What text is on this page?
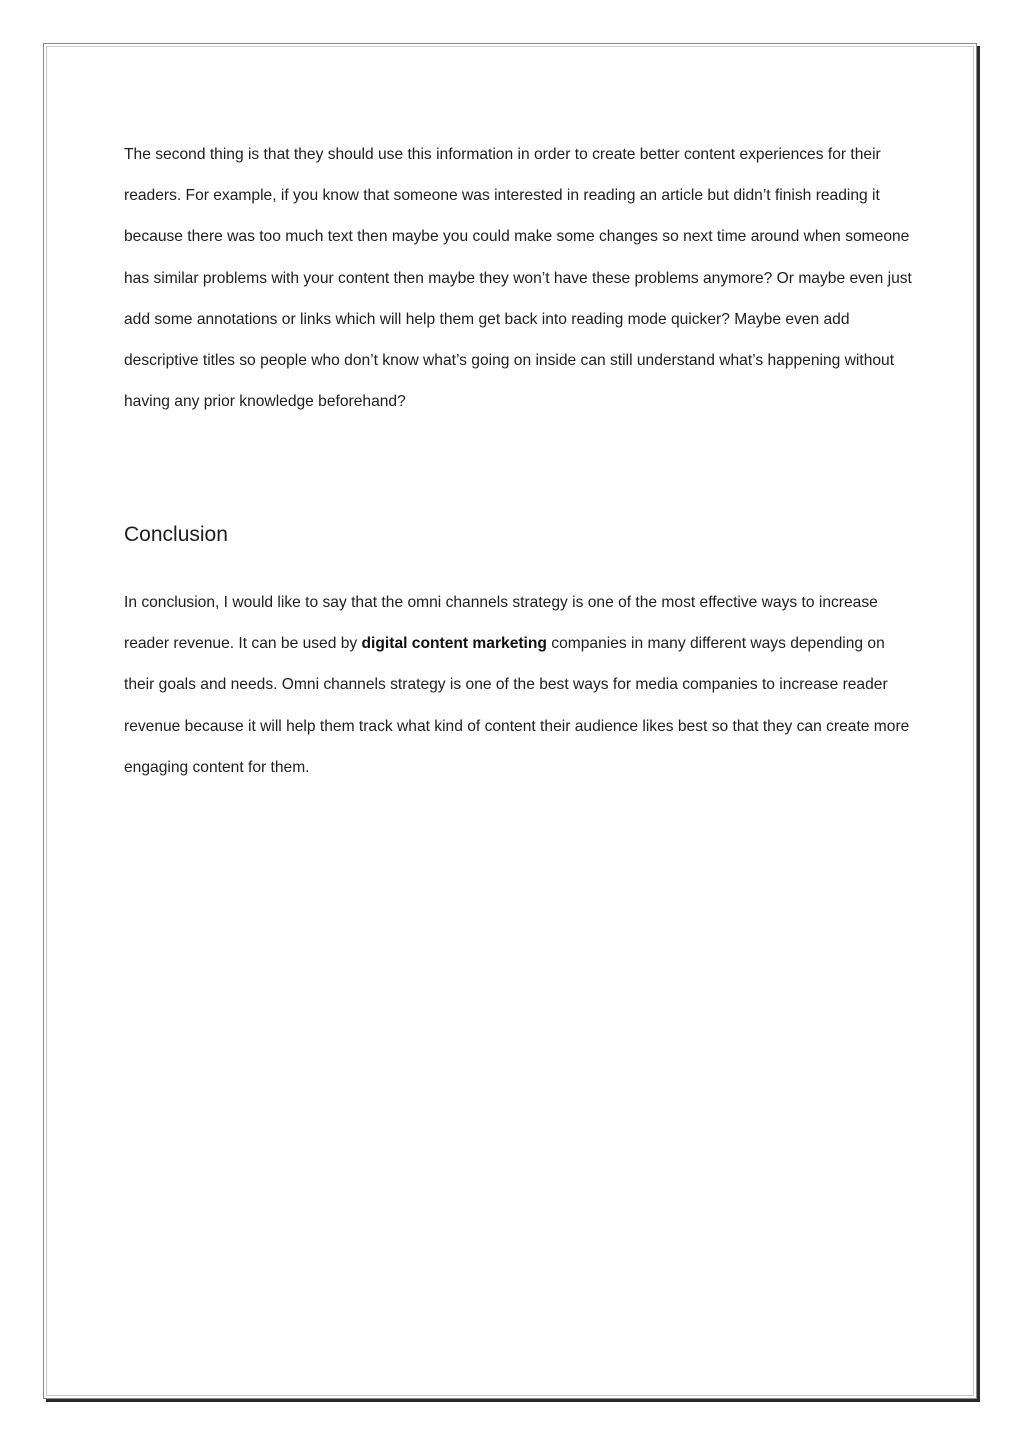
The second thing is that they should use this information in order to create better content experiences for their readers. For example, if you know that someone was interested in reading an article but didn’t finish reading it because there was too much text then maybe you could make some changes so next time around when someone has similar problems with your content then maybe they won’t have these problems anymore? Or maybe even just add some annotations or links which will help them get back into reading mode quicker? Maybe even add descriptive titles so people who don’t know what’s going on inside can still understand what’s happening without having any prior knowledge beforehand?

Conclusion

In conclusion, I would like to say that the omni channels strategy is one of the most effective ways to increase reader revenue. It can be used by digital content marketing companies in many different ways depending on their goals and needs. Omni channels strategy is one of the best ways for media companies to increase reader revenue because it will help them track what kind of content their audience likes best so that they can create more engaging content for them.
